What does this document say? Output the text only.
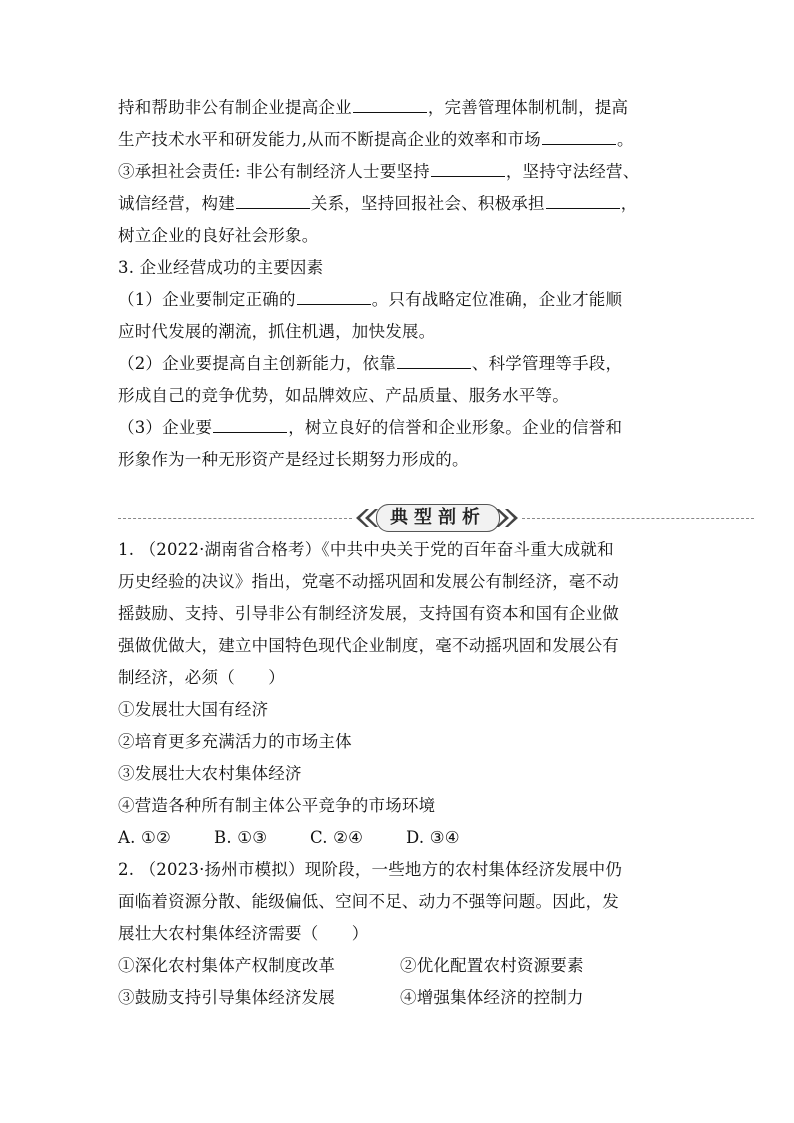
持和帮助非公有制企业提高企业	，完善管理体制机制，提高
生产技术水平和研发能力,从而不断提高企业的效率和市场	。
③承担社会责任: 非公有制经济人士要坚持	，坚持守法经营、
诚信经营，构建	关系，坚持回报社会、积极承担	，
树立企业的良好社会形象。
3. 企业经营成功的主要因素
（1）企业要制定正确的	。只有战略定位准确，企业才能顺
应时代发展的潮流，抓住机遇，加快发展。
（2）企业要提高自主创新能力，依靠	、科学管理等手段，
形成自己的竞争优势，如品牌效应、产品质量、服务水平等。
（3）企业要	，树立良好的信誉和企业形象。企业的信誉和
形象作为一种无形资产是经过长期努力形成的。
典型剖析
1. （2022·湖南省合格考）《中共中央关于党的百年奋斗重大成就和
历史经验的决议》指出，党毫不动摇巩固和发展公有制经济，毫不动
摇鼓励、支持、引导非公有制经济发展，支持国有资本和国有企业做
强做优做大，建立中国特色现代企业制度，毫不动摇巩固和发展公有
制经济，必须（　　）
①发展壮大国有经济
②培育更多充满活力的市场主体
③发展壮大农村集体经济
④营造各种所有制主体公平竞争的市场环境
A. ①②	B. ①③	C. ②④	D. ③④
2. （2023·扬州市模拟）现阶段，一些地方的农村集体经济发展中仍
面临着资源分散、能级偏低、空间不足、动力不强等问题。因此，发
展壮大农村集体经济需要（　　）
①深化农村集体产权制度改革	②优化配置农村资源要素
③鼓励支持引导集体经济发展	④增强集体经济的控制力
